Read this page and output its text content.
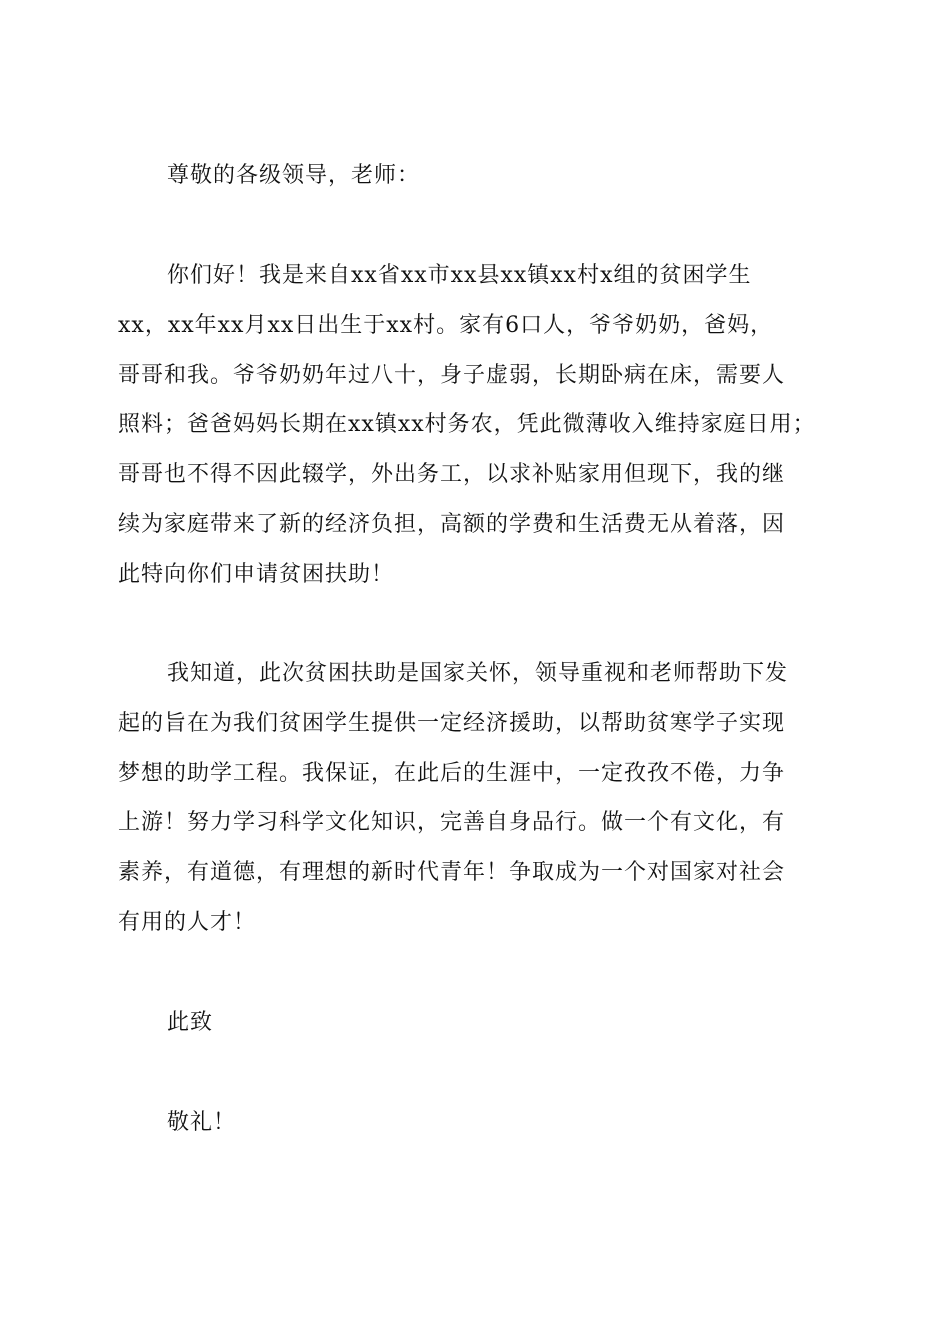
尊敬的各级领导，老师：
你们好！我是来自xx省xx市xx县xx镇xx村x组的贫困学生
xx，xx年xx月xx日出生于xx村。家有6口人，爷爷奶奶，爸妈，
哥哥和我。爷爷奶奶年过八十，身子虚弱，长期卧病在床，需要人
照料；爸爸妈妈长期在xx镇xx村务农，凭此微薄收入维持家庭日用；
哥哥也不得不因此辍学，外出务工，以求补贴家用但现下，我的继
续为家庭带来了新的经济负担，高额的学费和生活费无从着落，因
此特向你们申请贫困扶助！
我知道，此次贫困扶助是国家关怀，领导重视和老师帮助下发
起的旨在为我们贫困学生提供一定经济援助，以帮助贫寒学子实现
梦想的助学工程。我保证，在此后的生涯中，一定孜孜不倦，力争
上游！努力学习科学文化知识，完善自身品行。做一个有文化，有
素养，有道德，有理想的新时代青年！争取成为一个对国家对社会
有用的人才！
此致
敬礼！
